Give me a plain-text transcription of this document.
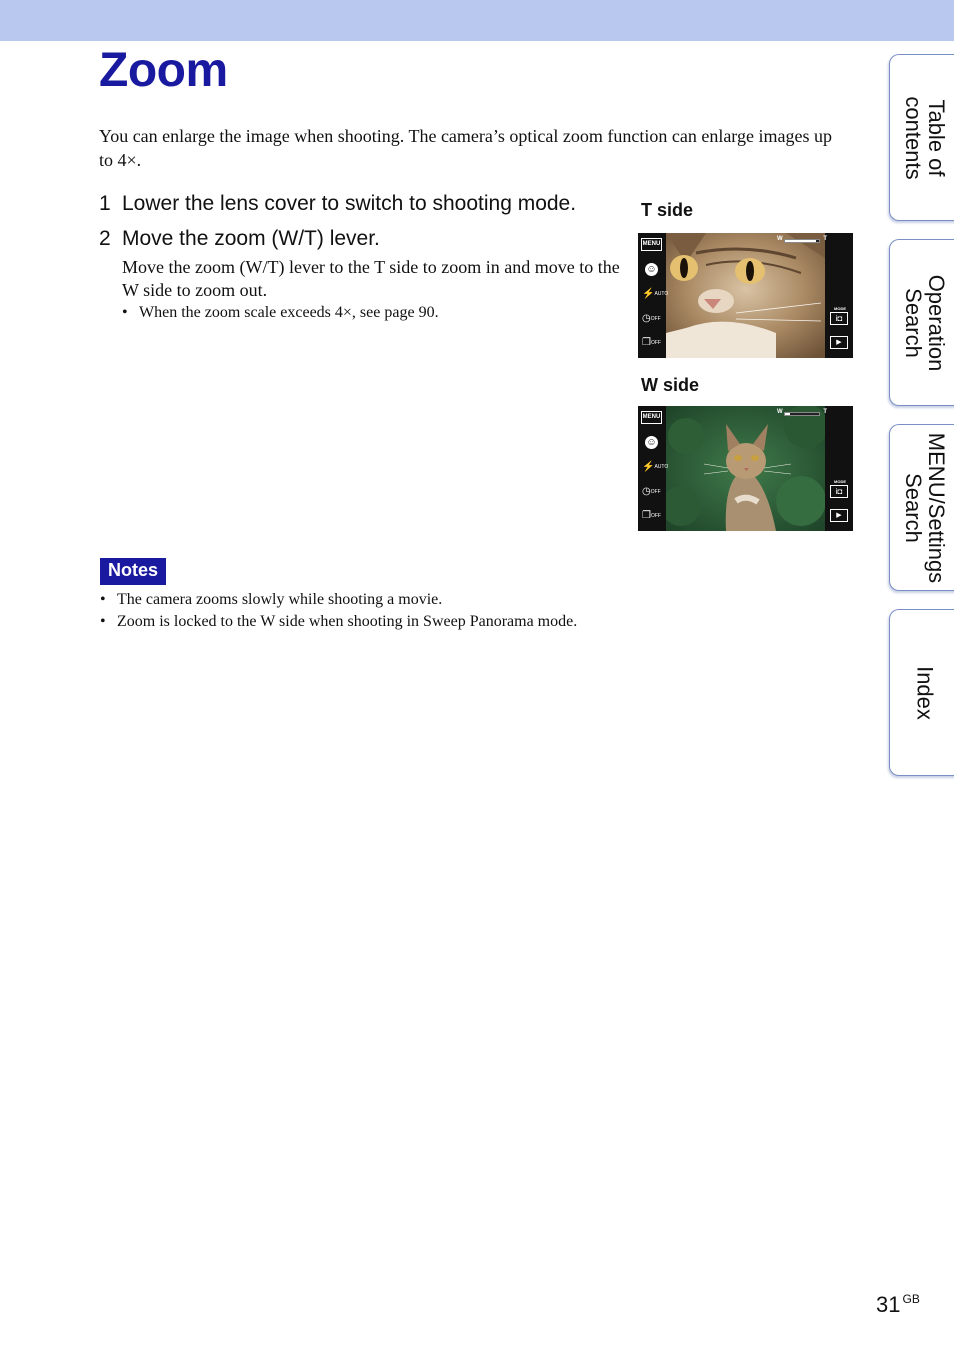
Zoom

You can enlarge the image when shooting. The camera’s optical zoom function can enlarge images up to 4×.

1 Lower the lens cover to switch to shooting mode.
2 Move the zoom (W/T) lever.

Move the zoom (W/T) lever to the T side to zoom in and move to the W side to zoom out.

• When the zoom scale exceeds 4×, see page 90.
T side
MENU
☺
⚡AUTO
◷OFF
❐OFF
MODE
i◘
▶
W	T
W side
MENU
☺
⚡AUTO
◷OFF
❐OFF
MODE
i◘
▶
W	T
Notes
• The camera zooms slowly while shooting a movie.
• Zoom is locked to the W side when shooting in Sweep Panorama mode.
Table of
contents
Operation
Search
MENU/Settings
Search
Index
31 $^{GB}$
